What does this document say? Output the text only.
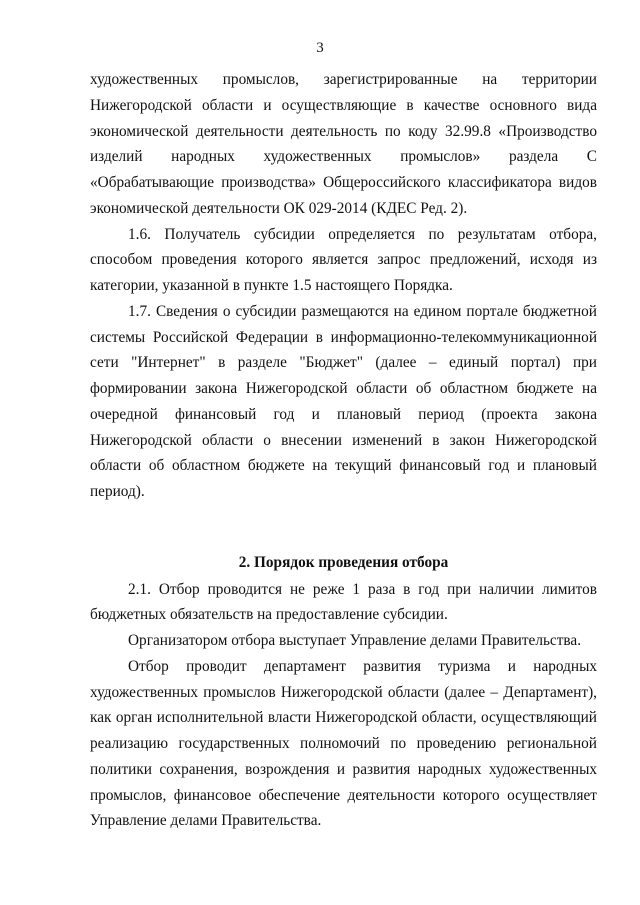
3

художественных промыслов, зарегистрированные на территории Нижегородской области и осуществляющие в качестве основного вида экономической деятельности деятельность по коду 32.99.8 «Производство изделий народных художественных промыслов» раздела С «Обрабатывающие производства» Общероссийского классификатора видов экономической деятельности ОК 029-2014 (КДЕС Ред. 2).

1.6. Получатель субсидии определяется по результатам отбора, способом проведения которого является запрос предложений, исходя из категории, указанной в пункте 1.5 настоящего Порядка.

1.7. Сведения о субсидии размещаются на едином портале бюджетной системы Российской Федерации в информационно-телекоммуникационной сети "Интернет" в разделе "Бюджет" (далее – единый портал) при формировании закона Нижегородской области об областном бюджете на очередной финансовый год и плановый период (проекта закона Нижегородской области о внесении изменений в закон Нижегородской области об областном бюджете на текущий финансовый год и плановый период).

2. Порядок проведения отбора

2.1. Отбор проводится не реже 1 раза в год при наличии лимитов бюджетных обязательств на предоставление субсидии.

Организатором отбора выступает Управление делами Правительства.

Отбор проводит департамент развития туризма и народных художественных промыслов Нижегородской области (далее – Департамент), как орган исполнительной власти Нижегородской области, осуществляющий реализацию государственных полномочий по проведению региональной политики сохранения, возрождения и развития народных художественных промыслов, финансовое обеспечение деятельности которого осуществляет Управление делами Правительства.
